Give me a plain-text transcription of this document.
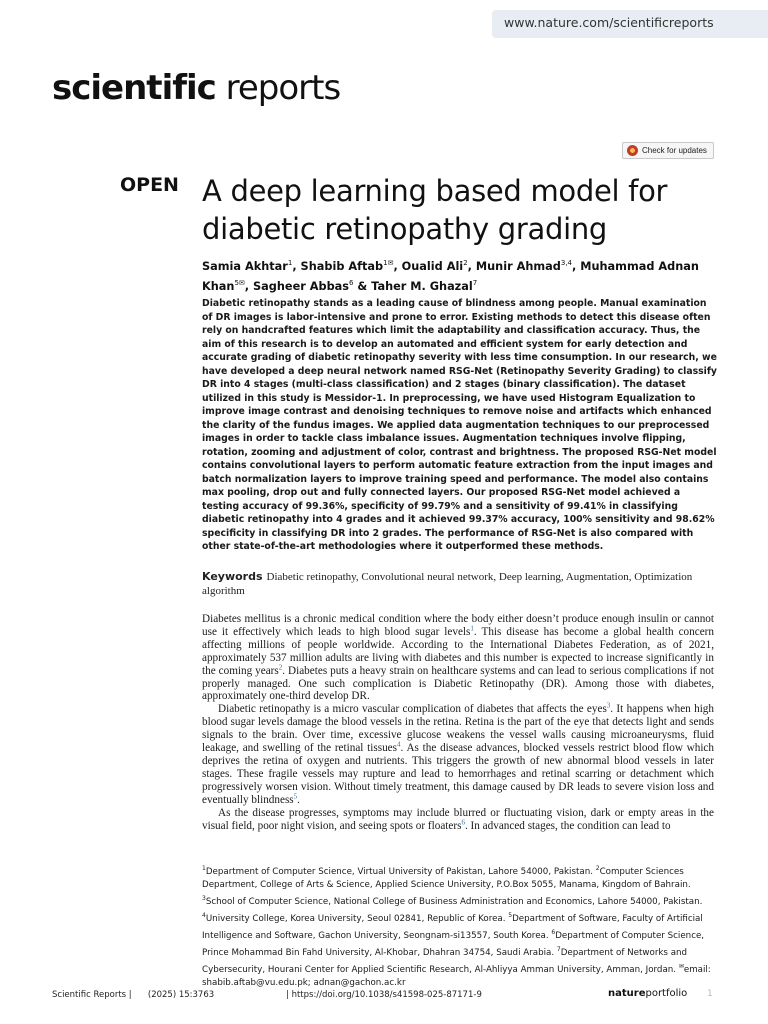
www.nature.com/scientificreports
scientific reports
Check for updates
OPEN A deep learning based model for diabetic retinopathy grading
Samia Akhtar$^1$, Shabib Aftab$^{1✉}$, Oualid Ali$^2$, Munir Ahmad$^{3,4}$, Muhammad Adnan Khan$^{5✉}$, Sagheer Abbas$^6$ & Taher M. Ghazal$^7$
Diabetic retinopathy stands as a leading cause of blindness among people. Manual examination of DR images is labor-intensive and prone to error. Existing methods to detect this disease often rely on handcrafted features which limit the adaptability and classification accuracy. Thus, the aim of this research is to develop an automated and efficient system for early detection and accurate grading of diabetic retinopathy severity with less time consumption. In our research, we have developed a deep neural network named RSG-Net (Retinopathy Severity Grading) to classify DR into 4 stages (multi-class classification) and 2 stages (binary classification). The dataset utilized in this study is Messidor-1. In preprocessing, we have used Histogram Equalization to improve image contrast and denoising techniques to remove noise and artifacts which enhanced the clarity of the fundus images. We applied data augmentation techniques to our preprocessed images in order to tackle class imbalance issues. Augmentation techniques involve flipping, rotation, zooming and adjustment of color, contrast and brightness. The proposed RSG-Net model contains convolutional layers to perform automatic feature extraction from the input images and batch normalization layers to improve training speed and performance. The model also contains max pooling, drop out and fully connected layers. Our proposed RSG-Net model achieved a testing accuracy of 99.36%, specificity of 99.79% and a sensitivity of 99.41% in classifying diabetic retinopathy into 4 grades and it achieved 99.37% accuracy, 100% sensitivity and 98.62% specificity in classifying DR into 2 grades. The performance of RSG-Net is also compared with other state-of-the-art methodologies where it outperformed these methods.
Keywords Diabetic retinopathy, Convolutional neural network, Deep learning, Augmentation, Optimization algorithm

Diabetes mellitus is a chronic medical condition where the body either doesn’t produce enough insulin or cannot use it effectively which leads to high blood sugar levels$^1$. This disease has become a global health concern affecting millions of people worldwide. According to the International Diabetes Federation, as of 2021, approximately 537 million adults are living with diabetes and this number is expected to increase significantly in the coming years$^2$. Diabetes puts a heavy strain on healthcare systems and can lead to serious complications if not properly managed. One such complication is Diabetic Retinopathy (DR). Among those with diabetes, approximately one-third develop DR.

Diabetic retinopathy is a micro vascular complication of diabetes that affects the eyes$^3$. It happens when high blood sugar levels damage the blood vessels in the retina. Retina is the part of the eye that detects light and sends signals to the brain. Over time, excessive glucose weakens the vessel walls causing microaneurysms, fluid leakage, and swelling of the retinal tissues$^4$. As the disease advances, blocked vessels restrict blood flow which deprives the retina of oxygen and nutrients. This triggers the growth of new abnormal blood vessels in later stages. These fragile vessels may rupture and lead to hemorrhages and retinal scarring or detachment which progressively worsen vision. Without timely treatment, this damage caused by DR leads to severe vision loss and eventually blindness$^5$.

As the disease progresses, symptoms may include blurred or fluctuating vision, dark or empty areas in the visual field, poor night vision, and seeing spots or floaters$^6$. In advanced stages, the condition can lead to

$^1$Department of Computer Science, Virtual University of Pakistan, Lahore 54000, Pakistan. $^2$Computer Sciences Department, College of Arts & Science, Applied Science University, P.O.Box 5055, Manama, Kingdom of Bahrain. $^3$School of Computer Science, National College of Business Administration and Economics, Lahore 54000, Pakistan. $^4$University College, Korea University, Seoul 02841, Republic of Korea. $^5$Department of Software, Faculty of Artificial Intelligence and Software, Gachon University, Seongnam-si13557, South Korea. $^6$Department of Computer Science, Prince Mohammad Bin Fahd University, Al-Khobar, Dhahran 34754, Saudi Arabia. $^7$Department of Networks and Cybersecurity, Hourani Center for Applied Scientific Research, Al-Ahliyya Amman University, Amman, Jordan. ✉email: shabib.aftab@vu.edu.pk; adnan@gachon.ac.kr
Scientific Reports | (2025) 15:3763	| https://doi.org/10.1038/s41598-025-87171-9	natureportfolio 1
